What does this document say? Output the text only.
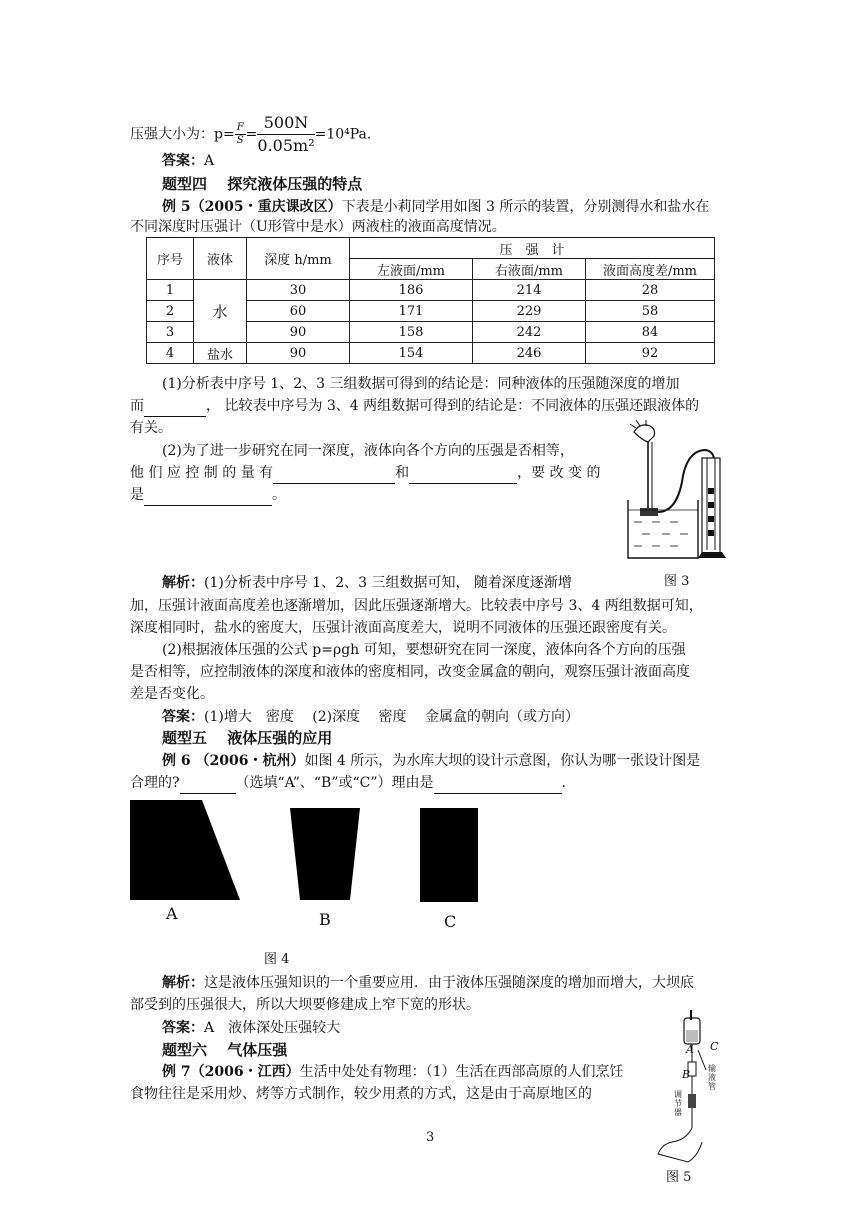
压强大小为：$p= \frac{F}{S} = \frac{500N}{\text{0.05m²}} =10^4Pa$.
答案：A
题型四　 探究液体压强的特点
例 5（2005・重庆课改区）下表是小莉同学用如图 3 所示的装置，分别测得水和盐水在
不同深度时压强计（U形管中是水）两液柱的液面高度情况。
序号	液体	深度 h/mm	压　强　计		
			左液面/mm	右液面/mm	液面高度差/mm
1	水	30	186	214	28
2		60	171	229	58
3		90	158	242	84
4	盐水	90	154	246	92
(1)分析表中序号 1、2、3 三组数据可得到的结论是：同种液体的压强随深度的增加
而	， 比较表中序号为 3、4 两组数据可得到的结论是：不同液体的压强还跟液体的
有关。
(2)为了进一步研究在同一深度，液体向各个方向的压强是否相等，
他 们 应 控 制 的 量 有	和	，要 改 变 的
是	。
解析：(1)分析表中序号 1、2、3 三组数据可知， 随着深度逐渐增	图 3
加，压强计液面高度差也逐渐增加，因此压强逐渐增大。比较表中序号 3、4 两组数据可知，
深度相同时，盐水的密度大，压强计液面高度差大，说明不同液体的压强还跟密度有关。
(2)根据液体压强的公式 p=ρgh 可知，要想研究在同一深度，液体向各个方向的压强
是否相等，应控制液体的深度和液体的密度相同，改变金属盒的朝向，观察压强计液面高度
差是否变化。
答案：(1)增大　密度　 (2)深度　 密度　 金属盒的朝向（或方向）
题型五　 液体压强的应用
例 6 （2006・杭州）如图 4 所示，为水库大坝的设计示意图，你认为哪一张设计图是
合理的?	（选填“A”、“B”或“C”）理由是	.
A	B	C
图 4
解析：这是液体压强知识的一个重要应用．由于液体压强随深度的增加而增大，大坝底
部受到的压强很大，所以大坝要修建成上窄下宽的形状。
答案：A　液体深处压强较大
题型六　 气体压强
例 7（2006・江西）生活中处处有物理：（1）生活在西部高原的人们烹饪
食物往往是采用炒、烤等方式制作，较少用煮的方式，这是由于高原地区的
A C
B 输液管
调节器
图 5
3
